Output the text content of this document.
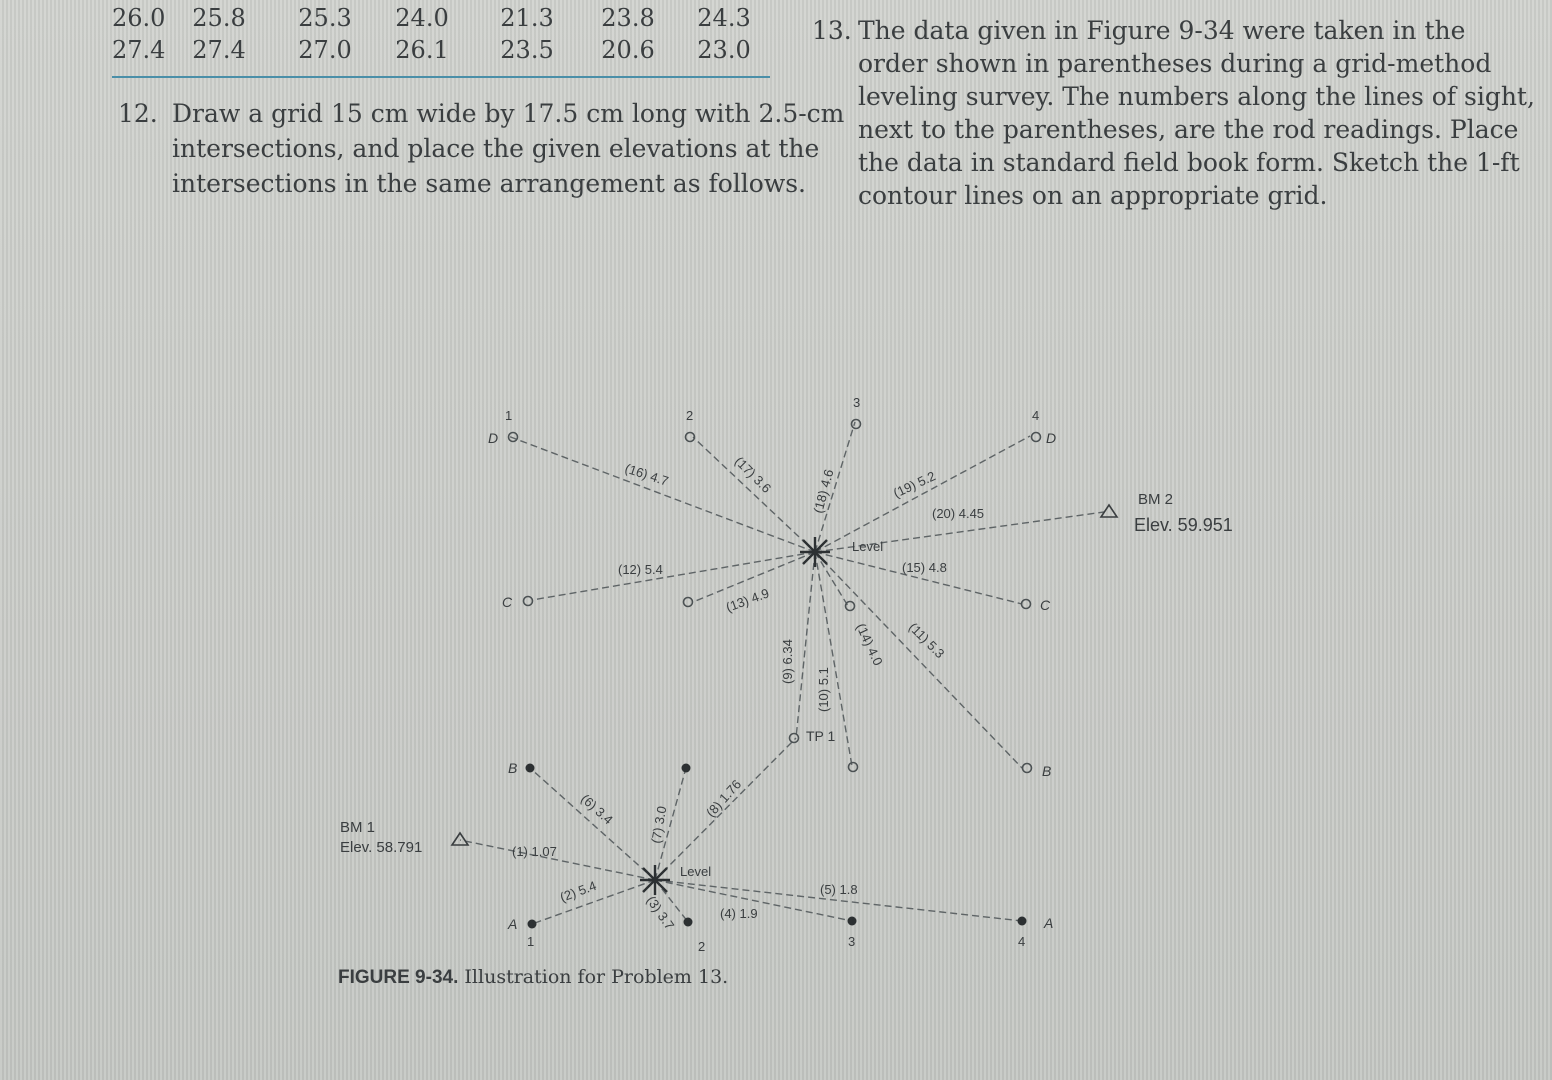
26.0	25.8	25.3	24.0	21.3	23.8	24.3
27.4	27.4	27.0	26.1	23.5	20.6	23.0
12. Draw a grid 15 cm wide by 17.5 cm long with 2.5-cm
intersections, and place the given elevations at the
intersections in the same arrangement as follows.
13. The data given in Figure 9-34 were taken in the
order shown in parentheses during a grid-method
leveling survey. The numbers along the lines of sight,
next to the parentheses, are the rod readings. Place
the data in standard field book form. Sketch the 1-ft
contour lines on an appropriate grid.
BM 1
Elev. 58.791
BM 2
Elev. 59.951
Level
Level
TP 1
D	D
C	C
B	B
A	A
1	2
3
4
1	2	3	4
(1) 1.07
(2) 5.4
(3) 3.7	(4) 1.9
(5) 1.8
(6) 3.4 (7) 3.0
(8) 1.76
(9) 6.34
(10) 5.1
(11) 5.3
(12) 5.4
(13) 4.9
(14) 4.0
(15) 4.8
(16) 4.7	(17) 3.6	(18) 4.6	(19) 5.2
(20) 4.45
FIGURE 9-34. Illustration for Problem 13.
